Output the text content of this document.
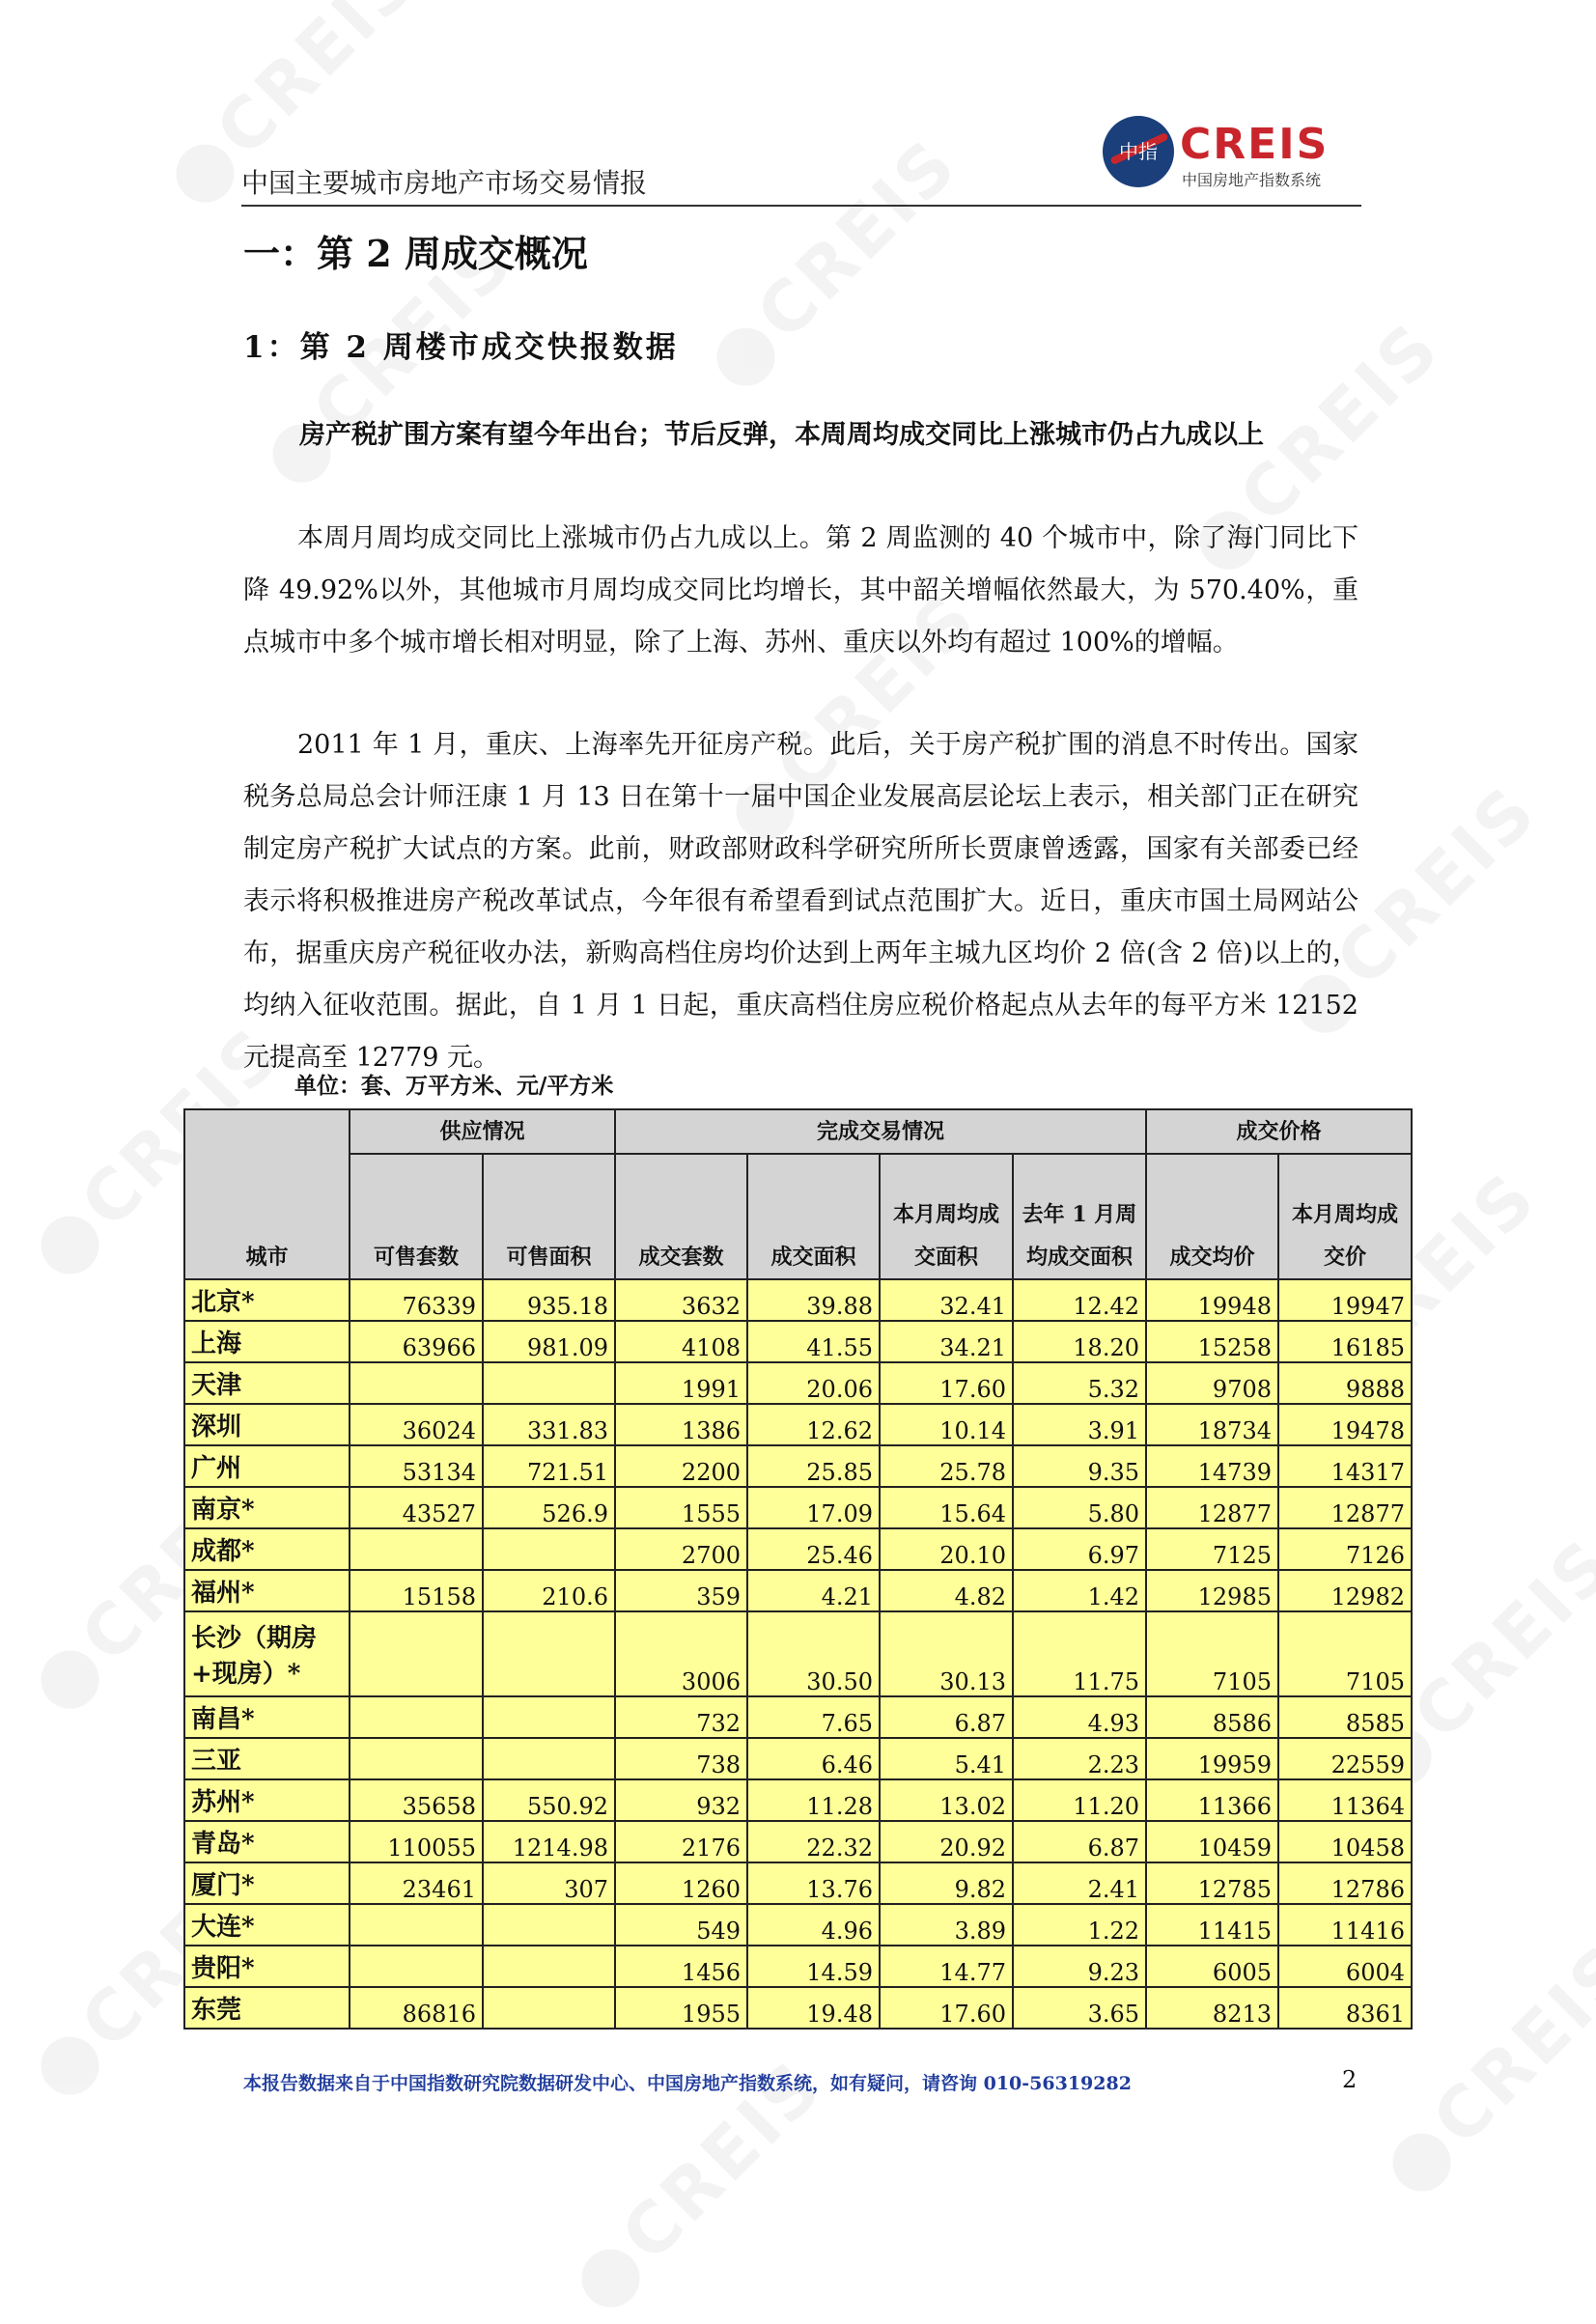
中国主要城市房地产市场交易情报
中指 CREIS
中国房地产指数系统
一：第 2 周成交概况
1：第 2 周楼市成交快报数据
房产税扩围方案有望今年出台；节后反弹，本周周均成交同比上涨城市仍占九成以上

本周月周均成交同比上涨城市仍占九成以上。第 2 周监测的 40 个城市中，除了海门同比下降 49.92%以外，其他城市月周均成交同比均增长，其中韶关增幅依然最大，为 570.40%，重点城市中多个城市增长相对明显，除了上海、苏州、重庆以外均有超过 100%的增幅。

2011 年 1 月，重庆、上海率先开征房产税。此后，关于房产税扩围的消息不时传出。国家税务总局总会计师汪康 1 月 13 日在第十一届中国企业发展高层论坛上表示，相关部门正在研究制定房产税扩大试点的方案。此前，财政部财政科学研究所所长贾康曾透露，国家有关部委已经表示将积极推进房产税改革试点，今年很有希望看到试点范围扩大。近日，重庆市国土局网站公布，据重庆房产税征收办法，新购高档住房均价达到上两年主城九区均价 2 倍(含 2 倍)以上的，均纳入征收范围。据此，自 1 月 1 日起，重庆高档住房应税价格起点从去年的每平方米 12152 元提高至 12779 元。

单位：套、万平方米、元/平方米
城市	供应情况		完成交易情况				成交价格	
	可售套数	可售面积	成交套数	成交面积	本月周均成交面积	去年 1 月周均成交面积	成交均价	本月周均成交价
北京*	76339	935.18	3632	39.88	32.41	12.42	19948	19947
上海	63966	981.09	4108	41.55	34.21	18.20	15258	16185
天津			1991	20.06	17.60	5.32	9708	9888
深圳	36024	331.83	1386	12.62	10.14	3.91	18734	19478
广州	53134	721.51	2200	25.85	25.78	9.35	14739	14317
南京*	43527	526.9	1555	17.09	15.64	5.80	12877	12877
成都*			2700	25.46	20.10	6.97	7125	7126
福州*	15158	210.6	359	4.21	4.82	1.42	12985	12982
长沙（期房+现房）*			3006	30.50	30.13	11.75	7105	7105
南昌*			732	7.65	6.87	4.93	8586	8585
三亚			738	6.46	5.41	2.23	19959	22559
苏州*	35658	550.92	932	11.28	13.02	11.20	11366	11364
青岛*	110055	1214.98	2176	22.32	20.92	6.87	10459	10458
厦门*	23461	307	1260	13.76	9.82	2.41	12785	12786
大连*			549	4.96	3.89	1.22	11415	11416
贵阳*			1456	14.59	14.77	9.23	6005	6004
东莞	86816		1955	19.48	17.60	3.65	8213	8361
本报告数据来自于中国指数研究院数据研发中心、中国房地产指数系统，如有疑问，请咨询 010-56319282	2
